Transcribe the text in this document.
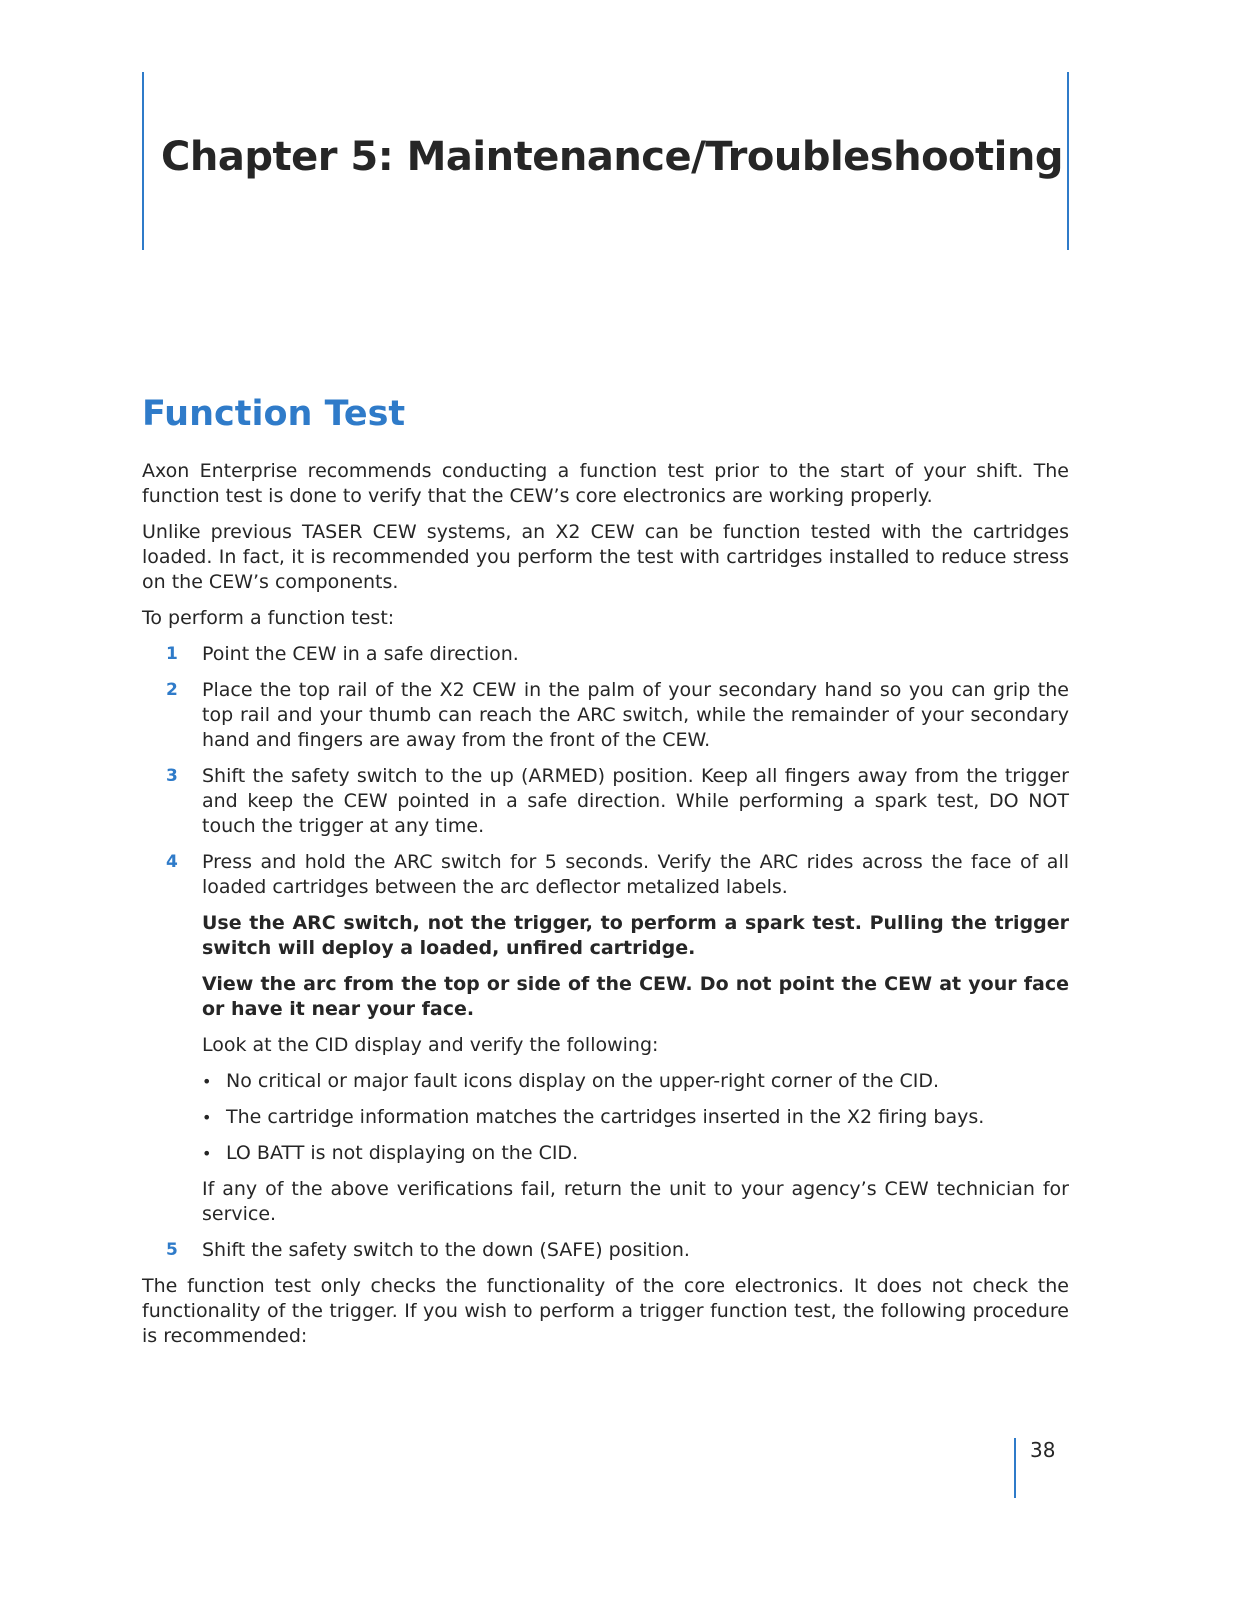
Chapter 5: Maintenance/Troubleshooting
Function Test

Axon Enterprise recommends conducting a function test prior to the start of your shift. The function test is done to verify that the CEW’s core electronics are working properly.

Unlike previous TASER CEW systems, an X2 CEW can be function tested with the cartridges loaded. In fact, it is recommended you perform the test with cartridges installed to reduce stress on the CEW’s components.

To perform a function test:

1 Point the CEW in a safe direction.
2 Place the top rail of the X2 CEW in the palm of your secondary hand so you can grip the top rail and your thumb can reach the ARC switch, while the remainder of your secondary hand and fingers are away from the front of the CEW.
3 Shift the safety switch to the up (ARMED) position. Keep all fingers away from the trigger and keep the CEW pointed in a safe direction. While performing a spark test, DO NOT touch the trigger at any time.
4 Press and hold the ARC switch for 5 seconds. Verify the ARC rides across the face of all loaded cartridges between the arc deflector metalized labels.

Use the ARC switch, not the trigger, to perform a spark test. Pulling the trigger switch will deploy a loaded, unfired cartridge.

View the arc from the top or side of the CEW. Do not point the CEW at your face or have it near your face.

Look at the CID display and verify the following:

• No critical or major fault icons display on the upper-right corner of the CID.
• The cartridge information matches the cartridges inserted in the X2 firing bays.
• LO BATT is not displaying on the CID.

If any of the above verifications fail, return the unit to your agency’s CEW technician for service.

5 Shift the safety switch to the down (SAFE) position.

The function test only checks the functionality of the core electronics. It does not check the functionality of the trigger. If you wish to perform a trigger function test, the following procedure is recommended:

38
